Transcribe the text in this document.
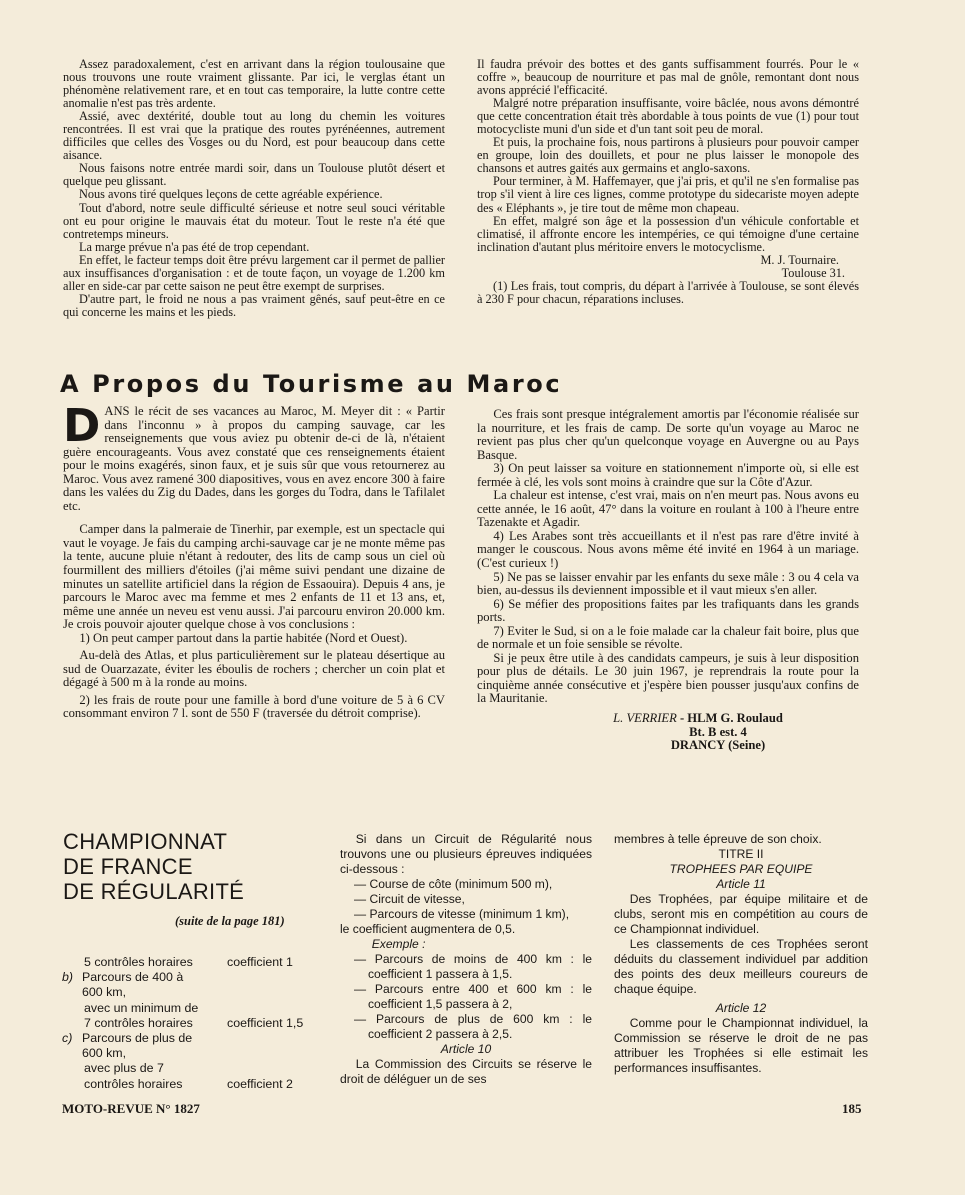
Assez paradoxalement, c'est en arrivant dans la région toulousaine que nous trouvons une route vraiment glissante. Par ici, le verglas étant un phénomène relativement rare, et en tout cas temporaire, la lutte contre cette anomalie n'est pas très ardente.

Assié, avec dextérité, double tout au long du chemin les voitures rencontrées. Il est vrai que la pratique des routes pyrénéennes, autrement difficiles que celles des Vosges ou du Nord, est pour beaucoup dans cette aisance.

Nous faisons notre entrée mardi soir, dans un Toulouse plutôt désert et quelque peu glissant.

Nous avons tiré quelques leçons de cette agréable expérience.

Tout d'abord, notre seule difficulté sérieuse et notre seul souci véritable ont eu pour origine le mauvais état du moteur. Tout le reste n'a été que contretemps mineurs.

La marge prévue n'a pas été de trop cependant.

En effet, le facteur temps doit être prévu largement car il permet de pallier aux insuffisances d'organisation : et de toute façon, un voyage de 1.200 km aller en side-car par cette saison ne peut être exempt de surprises.

D'autre part, le froid ne nous a pas vraiment gênés, sauf peut-être en ce qui concerne les mains et les pieds.

Il faudra prévoir des bottes et des gants suffisamment fourrés. Pour le « coffre », beaucoup de nourriture et pas mal de gnôle, remontant dont nous avons apprécié l'efficacité.

Malgré notre préparation insuffisante, voire bâclée, nous avons démontré que cette concentration était très abordable à tous points de vue (1) pour tout motocycliste muni d'un side et d'un tant soit peu de moral.

Et puis, la prochaine fois, nous partirons à plusieurs pour pouvoir camper en groupe, loin des douillets, et pour ne plus laisser le monopole des chansons et autres gaités aux germains et anglo-saxons.

Pour terminer, à M. Haffemayer, que j'ai pris, et qu'il ne s'en formalise pas trop s'il vient à lire ces lignes, comme prototype du sidecariste moyen adepte des « Eléphants », je tire tout de même mon chapeau.

En effet, malgré son âge et la possession d'un véhicule confortable et climatisé, il affronte encore les intempéries, ce qui témoigne d'une certaine inclination d'autant plus méritoire envers le motocyclisme.

M. J. Tournaire.

Toulouse 31.

(1) Les frais, tout compris, du départ à l'arrivée à Toulouse, se sont élevés à 230 F pour chacun, réparations incluses.

A Propos du Tourisme au Maroc

DANS le récit de ses vacances au Maroc, M. Meyer dit : « Partir dans l'inconnu » à propos du camping sauvage, car les renseignements que vous aviez pu obtenir de-ci de là, n'étaient guère encourageants. Vous avez constaté que ces renseignements étaient pour le moins exagérés, sinon faux, et je suis sûr que vous retournerez au Maroc. Vous avez ramené 300 diapositives, vous en avez encore 300 à faire dans les valées du Zig du Dades, dans les gorges du Todra, dans le Tafilalet etc.

Camper dans la palmeraie de Tinerhir, par exemple, est un spectacle qui vaut le voyage. Je fais du camping archi-sauvage car je ne monte même pas la tente, aucune pluie n'étant à redouter, des lits de camp sous un ciel où fourmillent des milliers d'étoiles (j'ai même suivi pendant une dizaine de minutes un satellite artificiel dans la région de Essaouira). Depuis 4 ans, je parcours le Maroc avec ma femme et mes 2 enfants de 11 et 13 ans, et, même une année un neveu est venu aussi. J'ai parcouru environ 20.000 km. Je crois pouvoir ajouter quelque chose à vos conclusions :

1) On peut camper partout dans la partie habitée (Nord et Ouest).

Au-delà des Atlas, et plus particulièrement sur le plateau désertique au sud de Ouarzazate, éviter les éboulis de rochers ; chercher un coin plat et dégagé à 500 m à la ronde au moins.

2) les frais de route pour une famille à bord d'une voiture de 5 à 6 CV consommant environ 7 l. sont de 550 F (traversée du détroit comprise).

Ces frais sont presque intégralement amortis par l'économie réalisée sur la nourriture, et les frais de camp. De sorte qu'un voyage au Maroc ne revient pas plus cher qu'un quelconque voyage en Auvergne ou au Pays Basque.

3) On peut laisser sa voiture en stationnement n'importe où, si elle est fermée à clé, les vols sont moins à craindre que sur la Côte d'Azur.

La chaleur est intense, c'est vrai, mais on n'en meurt pas. Nous avons eu cette année, le 16 août, 47° dans la voiture en roulant à 100 à l'heure entre Tazenakte et Agadir.

4) Les Arabes sont très accueillants et il n'est pas rare d'être invité à manger le couscous. Nous avons même été invité en 1964 à un mariage. (C'est curieux !)

5) Ne pas se laisser envahir par les enfants du sexe mâle : 3 ou 4 cela va bien, au-dessus ils deviennent impossible et il vaut mieux s'en aller.

6) Se méfier des propositions faites par les trafiquants dans les grands ports.

7) Eviter le Sud, si on a le foie malade car la chaleur fait boire, plus que de normale et un foie sensible se révolte.

Si je peux être utile à des candidats campeurs, je suis à leur disposition pour plus de détails. Le 30 juin 1967, je reprendrais la route pour la cinquième année consécutive et j'espère bien pousser jusqu'aux confins de la Mauritanie.

L. VERRIER - HLM G. Roulaud

Bt. B est. 4

DRANCY (Seine)

CHAMPIONNAT
DE FRANCE
DE RÉGULARITÉ
(suite de la page 181)
5 contrôles horaires	coefficient 1
b) Parcours de 400 à
600 km,
avec un minimum de
7 contrôles horaires	coefficient 1,5
c) Parcours de plus de
600 km,
avec plus de 7
contrôles horaires	coefficient 2

Si dans un Circuit de Régularité nous trouvons une ou plusieurs épreuves indiquées ci-dessous :

— Course de côte (minimum 500 m),

— Circuit de vitesse,

— Parcours de vitesse (minimum 1 km),

le coefficient augmentera de 0,5.

Exemple :

— Parcours de moins de 400 km : le coefficient 1 passera à 1,5.

— Parcours entre 400 et 600 km : le coefficient 1,5 passera à 2,

— Parcours de plus de 600 km : le coefficient 2 passera à 2,5.

Article 10

La Commission des Circuits se réserve le droit de déléguer un de ses

membres à telle épreuve de son choix.

TITRE II

TROPHEES PAR EQUIPE

Article 11

Des Trophées, par équipe militaire et de clubs, seront mis en compétition au cours de ce Championnat individuel.

Les classements de ces Trophées seront déduits du classement individuel par addition des points des deux meilleurs coureurs de chaque équipe.

Article 12

Comme pour le Championnat individuel, la Commission se réserve le droit de ne pas attribuer les Trophées si elle estimait les performances insuffisantes.

MOTO-REVUE N° 1827	185
